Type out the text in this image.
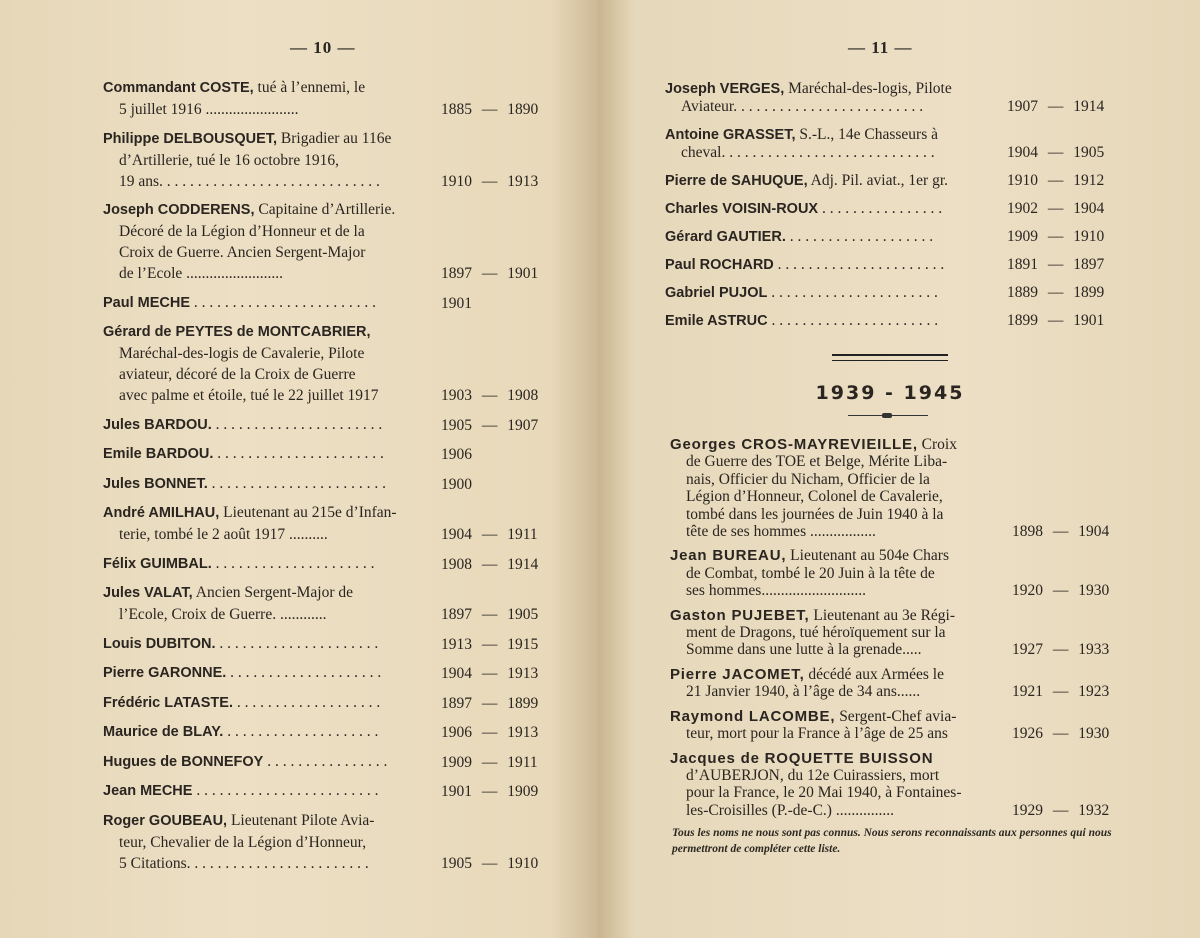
— 10 —	— 11 —
Commandant COSTE, tué à l’ennemi, le
5 juillet 1916 ........................	1885 — 1890
Philippe DELBOUSQUET, Brigadier au 116e
d’Artillerie, tué le 16 octobre 1916,
19 ans. . . . . . . . . . . . . . . . . . . . . . . . . . . . .	1910 — 1913
Joseph CODDERENS, Capitaine d’Artillerie.
Décoré de la Légion d’Honneur et de la
Croix de Guerre. Ancien Sergent-Major
de l’Ecole .........................	1897 — 1901
Paul MECHE . . . . . . . . . . . . . . . . . . . . . . . .	1901
Gérard de PEYTES de MONTCABRIER,
Maréchal-des-logis de Cavalerie, Pilote
aviateur, décoré de la Croix de Guerre
avec palme et étoile, tué le 22 juillet 1917	1903 — 1908
Jules BARDOU. . . . . . . . . . . . . . . . . . . . . . .	1905 — 1907
Emile BARDOU. . . . . . . . . . . . . . . . . . . . . . .	1906
Jules BONNET. . . . . . . . . . . . . . . . . . . . . . . .	1900
André AMILHAU, Lieutenant au 215e d’Infan-
terie, tombé le 2 août 1917 ..........	1904 — 1911
Félix GUIMBAL. . . . . . . . . . . . . . . . . . . . . .	1908 — 1914
Jules VALAT, Ancien Sergent-Major de
l’Ecole, Croix de Guerre. ............	1897 — 1905
Louis DUBITON. . . . . . . . . . . . . . . . . . . . . .	1913 — 1915
Pierre GARONNE. . . . . . . . . . . . . . . . . . . . .	1904 — 1913
Frédéric LATASTE. . . . . . . . . . . . . . . . . . . .	1897 — 1899
Maurice de BLAY. . . . . . . . . . . . . . . . . . . . .	1906 — 1913
Hugues de BONNEFOY . . . . . . . . . . . . . . . .	1909 — 1911
Jean MECHE . . . . . . . . . . . . . . . . . . . . . . . .	1901 — 1909
Roger GOUBEAU, Lieutenant Pilote Avia-
teur, Chevalier de la Légion d’Honneur,
5 Citations. . . . . . . . . . . . . . . . . . . . . . . .	1905 — 1910
Joseph VERGES, Maréchal-des-logis, Pilote
Aviateur. . . . . . . . . . . . . . . . . . . . . . . . .	1907 — 1914
Antoine GRASSET, S.-L., 14e Chasseurs à
cheval. . . . . . . . . . . . . . . . . . . . . . . . . . . .	1904 — 1905
Pierre de SAHUQUE, Adj. Pil. aviat., 1er gr.	1910 — 1912
Charles VOISIN-ROUX . . . . . . . . . . . . . . . .	1902 — 1904
Gérard GAUTIER. . . . . . . . . . . . . . . . . . . .	1909 — 1910
Paul ROCHARD . . . . . . . . . . . . . . . . . . . . . .	1891 — 1897
Gabriel PUJOL . . . . . . . . . . . . . . . . . . . . . .	1889 — 1899
Emile ASTRUC . . . . . . . . . . . . . . . . . . . . . .	1899 — 1901
1939 - 1945
Georges CROS-MAYREVIEILLE, Croix
de Guerre des TOE et Belge, Mérite Liba-
nais, Officier du Nicham, Officier de la
Légion d’Honneur, Colonel de Cavalerie,
tombé dans les journées de Juin 1940 à la
tête de ses hommes .................	1898 — 1904
Jean BUREAU, Lieutenant au 504e Chars
de Combat, tombé le 20 Juin à la tête de
ses hommes...........................	1920 — 1930
Gaston PUJEBET, Lieutenant au 3e Régi-
ment de Dragons, tué héroïquement sur la
Somme dans une lutte à la grenade.....	1927 — 1933
Pierre JACOMET, décédé aux Armées le
21 Janvier 1940, à l’âge de 34 ans......	1921 — 1923
Raymond LACOMBE, Sergent-Chef avia-
teur, mort pour la France à l’âge de 25 ans	1926 — 1930
Jacques de ROQUETTE BUISSON
d’AUBERJON, du 12e Cuirassiers, mort
pour la France, le 20 Mai 1940, à Fontaines-
les-Croisilles (P.-de-C.) ...............	1929 — 1932
Tous les noms ne nous sont pas connus. Nous serons reconnaissants aux personnes qui nous permettront de compléter cette liste.
